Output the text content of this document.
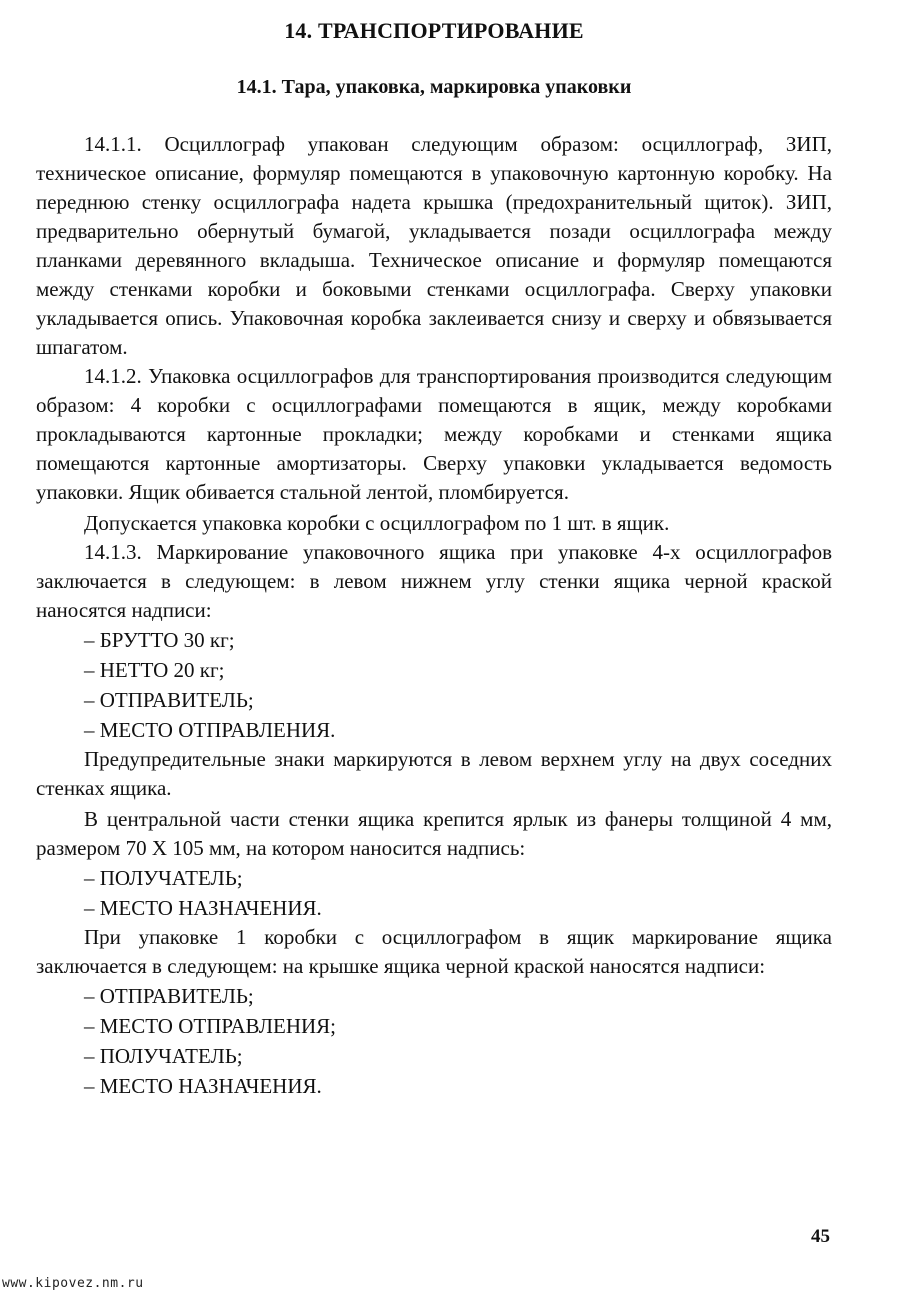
14. ТРАНСПОРТИРОВАНИЕ
14.1. Тара, упаковка, маркировка упаковки

14.1.1. Осциллограф упакован следующим образом: осциллограф, ЗИП, техническое описание, формуляр помещаются в упаковочную картонную коробку. На переднюю стенку осциллографа надета крышка (предохранительный щиток). ЗИП, предварительно обернутый бумагой, укладывается позади осциллографа между планками деревянного вкладыша. Техническое описание и формуляр помещаются между стенками коробки и боковыми стенками осциллографа. Сверху упаковки укладывается опись. Упаковочная коробка заклеивается снизу и сверху и обвязывается шпагатом.

14.1.2. Упаковка осциллографов для транспортирования производится следующим образом: 4 коробки с осциллографами помещаются в ящик, между коробками прокладываются картонные прокладки; между коробками и стенками ящика помещаются картонные амортизаторы. Сверху упаковки укладывается ведомость упаковки. Ящик обивается стальной лентой, пломбируется.

Допускается упаковка коробки с осциллографом по 1 шт. в ящик.

14.1.3. Маркирование упаковочного ящика при упаковке 4-х осциллографов заключается в следующем: в левом нижнем углу стенки ящика черной краской наносятся надписи:

– БРУТТО 30 кг;

– НЕТТО 20 кг;

– ОТПРАВИТЕЛЬ;

– МЕСТО ОТПРАВЛЕНИЯ.

Предупредительные знаки маркируются в левом верхнем углу на двух соседних стенках ящика.

В центральной части стенки ящика крепится ярлык из фанеры толщиной 4 мм, размером 70 X 105 мм, на котором наносится надпись:

– ПОЛУЧАТЕЛЬ;

– МЕСТО НАЗНАЧЕНИЯ.

При упаковке 1 коробки с осциллографом в ящик маркирование ящика заключается в следующем: на крышке ящика черной краской наносятся надписи:

– ОТПРАВИТЕЛЬ;

– МЕСТО ОТПРАВЛЕНИЯ;

– ПОЛУЧАТЕЛЬ;

– МЕСТО НАЗНАЧЕНИЯ.

45
www.kipovez.nm.ru
